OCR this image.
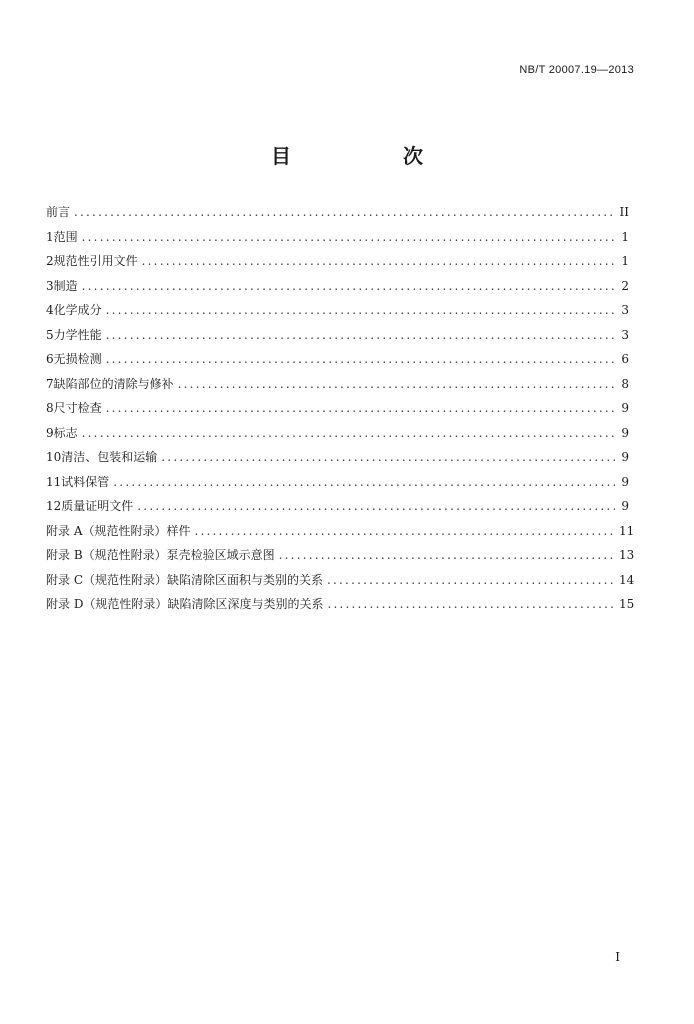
NB/T 20007.19—2013
目　次
前言 .....	II
1 范围 .....	1
2 规范性引用文件 .....	1
3 制造 .....	2
4 化学成分 .....	3
5 力学性能 .....	3
6 无损检测 .....	6
7 缺陷部位的清除与修补 .....	8
8 尺寸检查 .....	9
9 标志 .....	9
10 清洁、包装和运输 .....	9
11 试料保管 .....	9
12 质量证明文件 .....	9
附录 A（规范性附录） 样件 .....	11
附录 B（规范性附录） 泵壳检验区域示意图 .....	13
附录 C（规范性附录） 缺陷清除区面积与类别的关系 .....	14
附录 D（规范性附录） 缺陷清除区深度与类别的关系 .....	15
I
